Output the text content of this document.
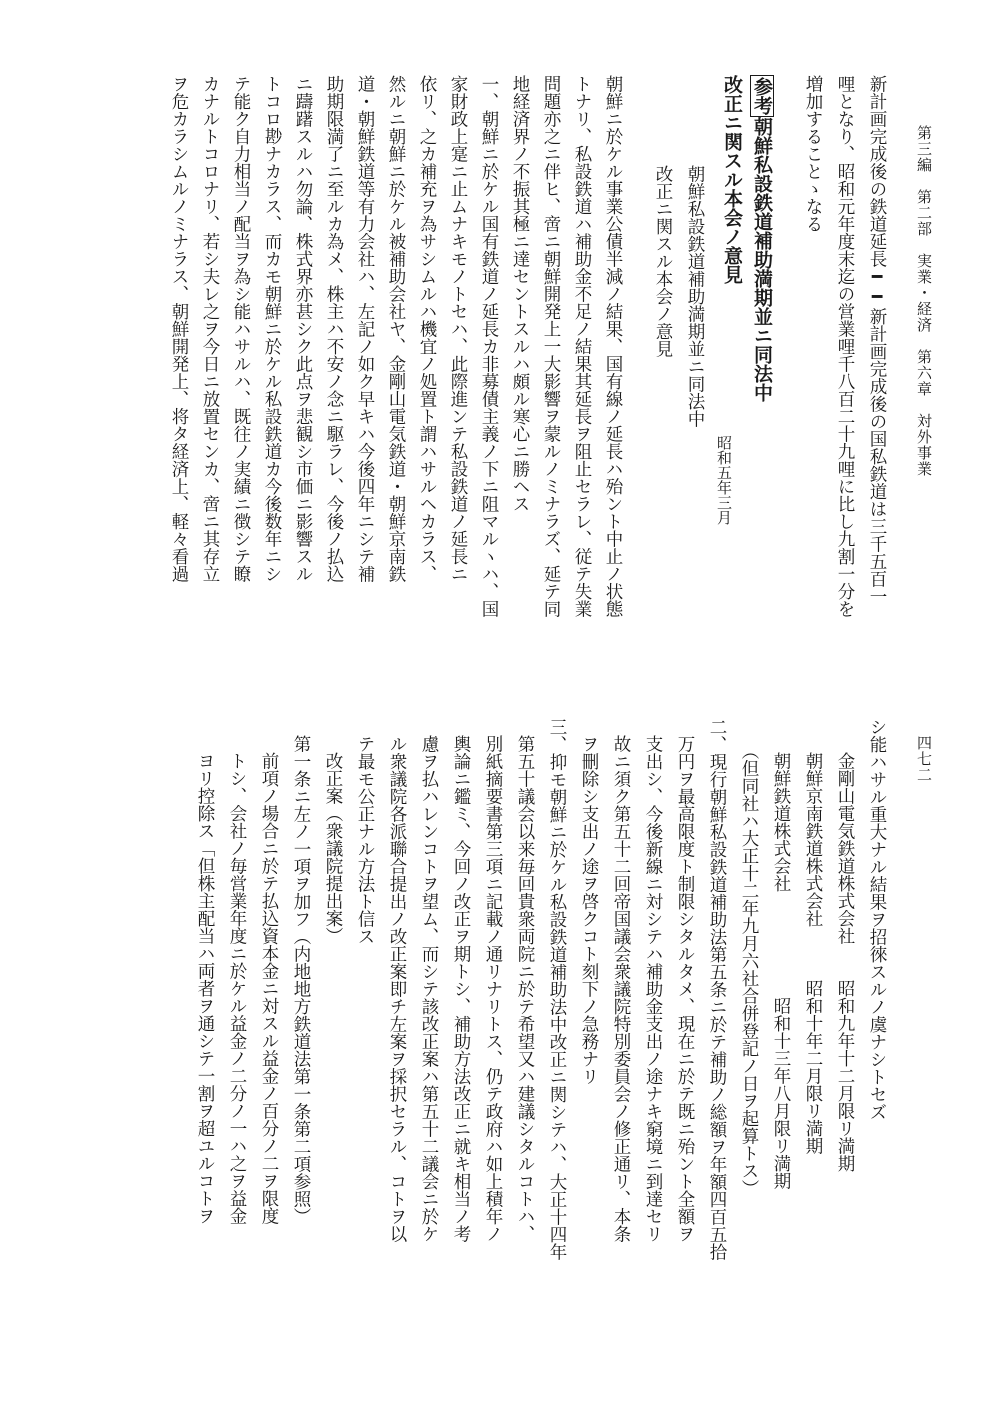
第三編　第二部　実業・経済　第六章　対外事業
四七二
新計画完成後の鉄道延長━━新計画完成後の国私鉄道は三千五百一
哩となり、昭和元年度末迄の営業哩千八百二十九哩に比し九割一分を
増加することゝなる
参考朝鮮私設鉄道補助満期並ニ同法中
改正ニ関スル本会ノ意見
朝鮮私設鉄道補助満期並ニ同法中
改正ニ関スル本会ノ意見
昭和五年三月
朝鮮ニ於ケル事業公債半減ノ結果、国有線ノ延長ハ殆ント中止ノ状態
トナリ、私設鉄道ハ補助金不足ノ結果其延長ヲ阻止セラレ、従テ失業
問題亦之ニ伴ヒ、啻ニ朝鮮開発上一大影響ヲ蒙ルノミナラズ、延テ同
地経済界ノ不振其極ニ達セントスルハ頗ル寒心ニ勝ヘス
一、朝鮮ニ於ケル国有鉄道ノ延長カ非募債主義ノ下ニ阻マルヽハ、国
家財政上寔ニ止ムナキモノトセハ、此際進ンテ私設鉄道ノ延長ニ
依リ、之カ補充ヲ為サシムルハ機宜ノ処置ト謂ハサルヘカラス、
然ルニ朝鮮ニ於ケル被補助会社ヤ、金剛山電気鉄道・朝鮮京南鉄
道・朝鮮鉄道等有力会社ハ、左記ノ如ク早キハ今後四年ニシテ補
助期限満了ニ至ルカ為メ、株主ハ不安ノ念ニ駆ラレ、今後ノ払込
ニ躊躇スルハ勿論、株式界亦甚シク此点ヲ悲観シ市価ニ影響スル
トコロ尠ナカラス、而カモ朝鮮ニ於ケル私設鉄道カ今後数年ニシ
テ能ク自力相当ノ配当ヲ為シ能ハサルハ、既往ノ実績ニ徴シテ瞭
カナルトコロナリ、若シ夫レ之ヲ今日ニ放置センカ、啻ニ其存立
ヲ危カラシムルノミナラス、朝鮮開発上、将タ経済上、軽々看過
シ能ハサル重大ナル結果ヲ招徠スルノ虞ナシトセズ
金剛山電気鉄道株式会社　　昭和九年十二月限リ満期
朝鮮京南鉄道株式会社　　　昭和十年二月限リ満期
朝鮮鉄道株式会社　　　　　　昭和十三年八月限リ満期
（但同社ハ大正十二年九月六社合併登記ノ日ヲ起算トス）
二、現行朝鮮私設鉄道補助法第五条ニ於テ補助ノ総額ヲ年額四百五拾
万円ヲ最高限度ト制限シタルタメ、現在ニ於テ既ニ殆ント全額ヲ
支出シ、今後新線ニ対シテハ補助金支出ノ途ナキ窮境ニ到達セリ
故ニ須ク第五十二回帝国議会衆議院特別委員会ノ修正通リ、本条
ヲ刪除シ支出ノ途ヲ啓クコト刻下ノ急務ナリ
三、抑モ朝鮮ニ於ケル私設鉄道補助法中改正ニ関シテハ、大正十四年
第五十議会以来毎回貴衆両院ニ於テ希望又ハ建議シタルコトハ、
別紙摘要書第三項ニ記載ノ通リナリトス、仍テ政府ハ如上積年ノ
輿論ニ鑑ミ、今回ノ改正ヲ期トシ、補助方法改正ニ就キ相当ノ考
慮ヲ払ハレンコトヲ望ム、而シテ該改正案ハ第五十二議会ニ於ケ
ル衆議院各派聯合提出ノ改正案即チ左案ヲ採択セラル、コトヲ以
テ最モ公正ナル方法ト信ス
改正案（衆議院提出案）
第一条ニ左ノ一項ヲ加フ（内地地方鉄道法第一条第二項参照）
前項ノ場合ニ於テ払込資本金ニ対スル益金ノ百分ノ二ヲ限度
トシ、会社ノ毎営業年度ニ於ケル益金ノ二分ノ一ハ之ヲ益金
ヨリ控除ス「但株主配当ハ両者ヲ通シテ一割ヲ超ユルコトヲ
